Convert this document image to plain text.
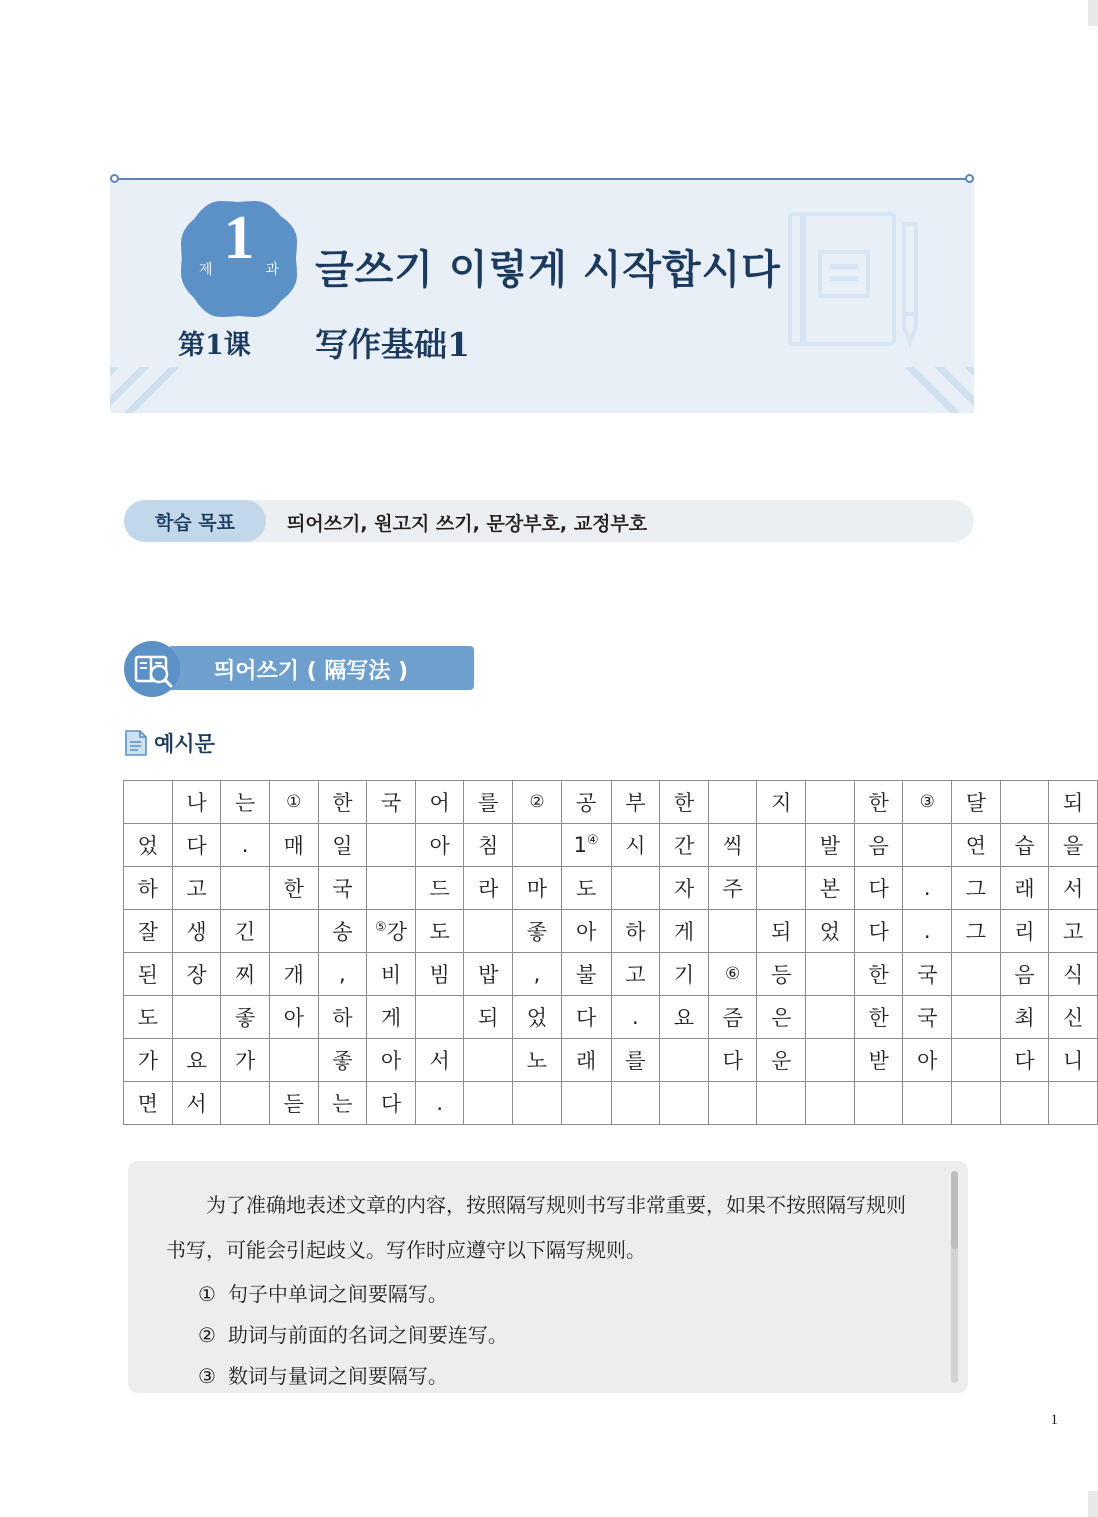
1
제	과 글쓰기 이렇게 시작합시다
第1课 写作基础1
학습 목표	띄어쓰기, 원고지 쓰기, 문장부호, 교정부호
띄어쓰기 ( 隔写法 )
예시문
	나	는	①	한	국	어	를	②	공	부	한		지		한	③	달		되
었	다	.	매	일		아	침		1④	시	간	씩		발	음		연	습	을
하	고		한	국		드	라	마	도		자	주		본	다	.	그	래	서
잘	생	긴		송	⑤강	도		좋	아	하	게		되	었	다	.	그	리	고
된	장	찌	개	,	비	빔	밥	,	불	고	기	⑥	등		한	국		음	식
도		좋	아	하	게		되	었	다	.	요	즘	은		한	국		최	신
가	요	가		좋	아	서		노	래	를		다	운		받	아		다	니
면	서		듣	는	다	.													

为了准确地表述文章的内容，按照隔写规则书写非常重要，如果不按照隔写规则书写，可能会引起歧义。写作时应遵守以下隔写规则。

① 句子中单词之间要隔写。
② 助词与前面的名词之间要连写。
③ 数词与量词之间要隔写。
1
